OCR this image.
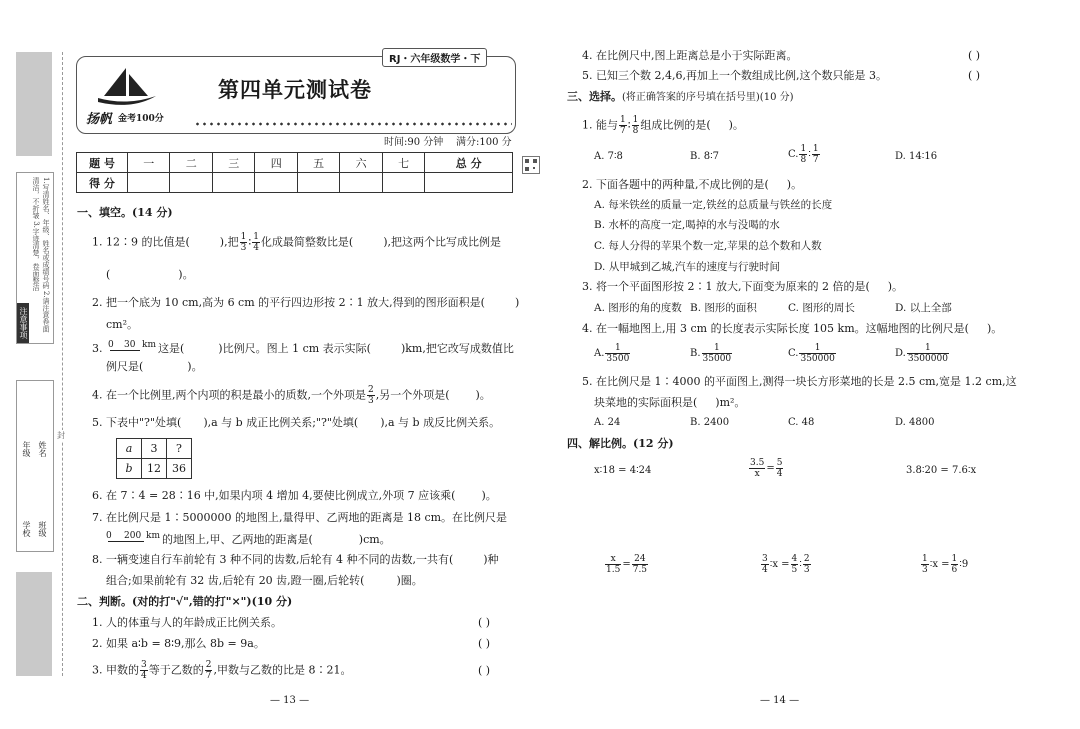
注意事项	1.写清姓名、年级、姓名或成绩号码 2.请注意卷面清洁，不折皱 3.字迹清楚，卷面整洁
学校 班级
姓名
年级
封
RJ・六年级数学・下
扬帆 金考100分
第四单元测试卷
时间:90 分钟 满分:100 分
题 号	一	二	三	四	五	六	七	总 分
得 分								
一、填空。(14 分)
1. 12∶9 的比值是(	),把 $\frac{1}{3}$ ∶ $\frac{1}{4}$ 化成最简整数比是(	),把这两个比写成比例是
(	)。
2. 把一个底为 10 cm,高为 6 cm 的平行四边形按 2∶1 放大,得到的图形面积是(	)
cm²。
3. 0 30 km 这是(	)比例尺。图上 1 cm 表示实际(	)km,把它改写成数值比
例尺是(	)。
4. 在一个比例里,两个内项的积是最小的质数,一个外项是 $\frac{2}{3}$ ,另一个外项是( )。
5. 下表中"?"处填( ),a 与 b 成正比例关系;"?"处填( ),a 与 b 成反比例关系。
a	3	?
b	12	36
6. 在 7∶4 = 28∶16 中,如果内项 4 增加 4,要使比例成立,外项 7 应该乘( )。
7. 在比例尺是 1∶5000000 的地图上,量得甲、乙两地的距离是 18 cm。在比例尺是
0 200 km 的地图上,甲、乙两地的距离是(	)cm。
8. 一辆变速自行车前轮有 3 种不同的齿数,后轮有 4 种不同的齿数,一共有(	)种
组合;如果前轮有 32 齿,后轮有 20 齿,蹬一圈,后轮转(	)圈。
二、判断。(对的打"√",错的打"×")(10 分)
1. 人的体重与人的年龄成正比例关系。	( )
2. 如果 a∶b = 8∶9,那么 8b = 9a。	( )
3. 甲数的 $\frac{3}{4}$ 等于乙数的 $\frac{2}{7}$ ,甲数与乙数的比是 8∶21。	( )
— 13 —
4. 在比例尺中,图上距离总是小于实际距离。	( )
5. 已知三个数 2,4,6,再加上一个数组成比例,这个数只能是 3。	( )
三、选择。(将正确答案的序号填在括号里)(10 分)
1. 能与 $\frac{1}{7}$ ∶ $\frac{1}{8}$ 组成比例的是( )。
A. 7∶8	B. 8∶7	C. $\frac{1}{8}$ ∶ $\frac{1}{7}$	D. 14∶16
2. 下面各题中的两种量,不成比例的是( )。
A. 每米铁丝的质量一定,铁丝的总质量与铁丝的长度
B. 水杯的高度一定,喝掉的水与没喝的水
C. 每人分得的苹果个数一定,苹果的总个数和人数
D. 从甲城到乙城,汽车的速度与行驶时间
3. 将一个平面图形按 2∶1 放大,下面变为原来的 2 倍的是( )。
A. 图形的角的度数 B. 图形的面积	C. 图形的周长	D. 以上全部
4. 在一幅地图上,用 3 cm 的长度表示实际长度 105 km。这幅地图的比例尺是( )。
A. $\frac{1}{3500}$	B. $\frac{1}{35000}$	C. $\frac{1}{350000}$	D. $\frac{1}{3500000}$
5. 在比例尺是 1∶4000 的平面图上,测得一块长方形菜地的长是 2.5 cm,宽是 1.2 cm,这
块菜地的实际面积是( )m²。
A. 24	B. 2400	C. 48	D. 4800
四、解比例。(12 分)
x∶18 = 4∶24	$\frac{3.5}{x} = \frac{5}{4}$	3.8∶20 = 7.6∶x
$\frac{x}{1.5} = \frac{24}{7.5}$	$\frac{3}{4}$ ∶x = $\frac{4}{5}$ ∶ $\frac{2}{3}$	$\frac{1}{3}$ ∶x = $\frac{1}{6}$ ∶9
— 14 —
